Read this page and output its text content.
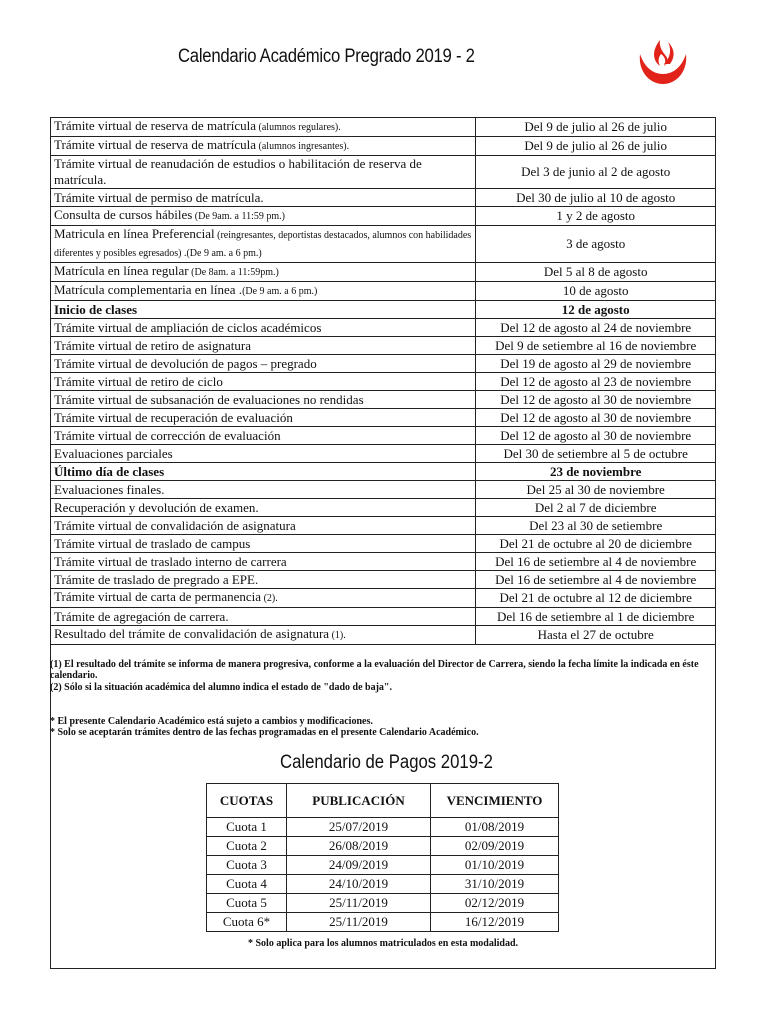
Calendario Académico Pregrado 2019 - 2
Trámite virtual de reserva de matrícula (alumnos regulares).	Del 9 de julio al 26 de julio
Trámite virtual de reserva de matrícula (alumnos ingresantes).	Del 9 de julio al 26 de julio
Trámite virtual de reanudación de estudios o habilitación de reserva de matrícula.	Del 3 de junio al 2 de agosto
Trámite virtual de permiso de matrícula.	Del 30 de julio al 10 de agosto
Consulta de cursos hábiles (De 9am. a 11:59 pm.)	1 y 2 de agosto
Matricula en línea Preferencial (reingresantes, deportistas destacados, alumnos con habilidades diferentes y posibles egresados) .(De 9 am. a 6 pm.)	3 de agosto
Matrícula en línea regular (De 8am. a 11:59pm.)	Del 5 al 8 de agosto
Matrícula complementaria en línea .(De 9 am. a 6 pm.)	10 de agosto
Inicio de clases	12 de agosto
Trámite virtual de ampliación de ciclos académicos	Del 12 de agosto al 24 de noviembre
Trámite virtual de retiro de asignatura	Del 9 de setiembre al 16 de noviembre
Trámite virtual de devolución de pagos – pregrado	Del 19 de agosto al 29 de noviembre
Trámite virtual de retiro de ciclo	Del 12 de agosto al 23 de noviembre
Trámite virtual de subsanación de evaluaciones no rendidas	Del 12 de agosto al 30 de noviembre
Trámite virtual de recuperación de evaluación	Del 12 de agosto al 30 de noviembre
Trámite virtual de corrección de evaluación	Del 12 de agosto al 30 de noviembre
Evaluaciones parciales	Del 30 de setiembre al 5 de octubre
Último día de clases	23 de noviembre
Evaluaciones finales.	Del 25 al 30 de noviembre
Recuperación y devolución de examen.	Del 2 al 7 de diciembre
Trámite virtual de convalidación de asignatura	Del 23 al 30 de setiembre
Trámite virtual de traslado de campus	Del 21 de octubre al 20 de diciembre
Trámite virtual de traslado interno de carrera	Del 16 de setiembre al 4 de noviembre
Trámite de traslado de pregrado a EPE.	Del 16 de setiembre al 4 de noviembre
Trámite virtual de carta de permanencia (2).	Del 21 de octubre al 12 de diciembre
Trámite de agregación de carrera.	Del 16 de setiembre al 1 de diciembre
Resultado del trámite de convalidación de asignatura (1).	Hasta el 27 de octubre
(1) El resultado del trámite se informa de manera progresiva, conforme a la evaluación del Director de Carrera, siendo la fecha límite la indicada en éste calendario.
(2) Sólo si la situación académica del alumno indica el estado de "dado de baja".
* El presente Calendario Académico está sujeto a cambios y modificaciones.
* Solo se aceptarán trámites dentro de las fechas programadas en el presente Calendario Académico.
Calendario de Pagos 2019-2
CUOTAS	PUBLICACIÓN	VENCIMIENTO
Cuota 1	25/07/2019	01/08/2019
Cuota 2	26/08/2019	02/09/2019
Cuota 3	24/09/2019	01/10/2019
Cuota 4	24/10/2019	31/10/2019
Cuota 5	25/11/2019	02/12/2019
Cuota 6*	25/11/2019	16/12/2019
* Solo aplica para los alumnos matriculados en esta modalidad.
